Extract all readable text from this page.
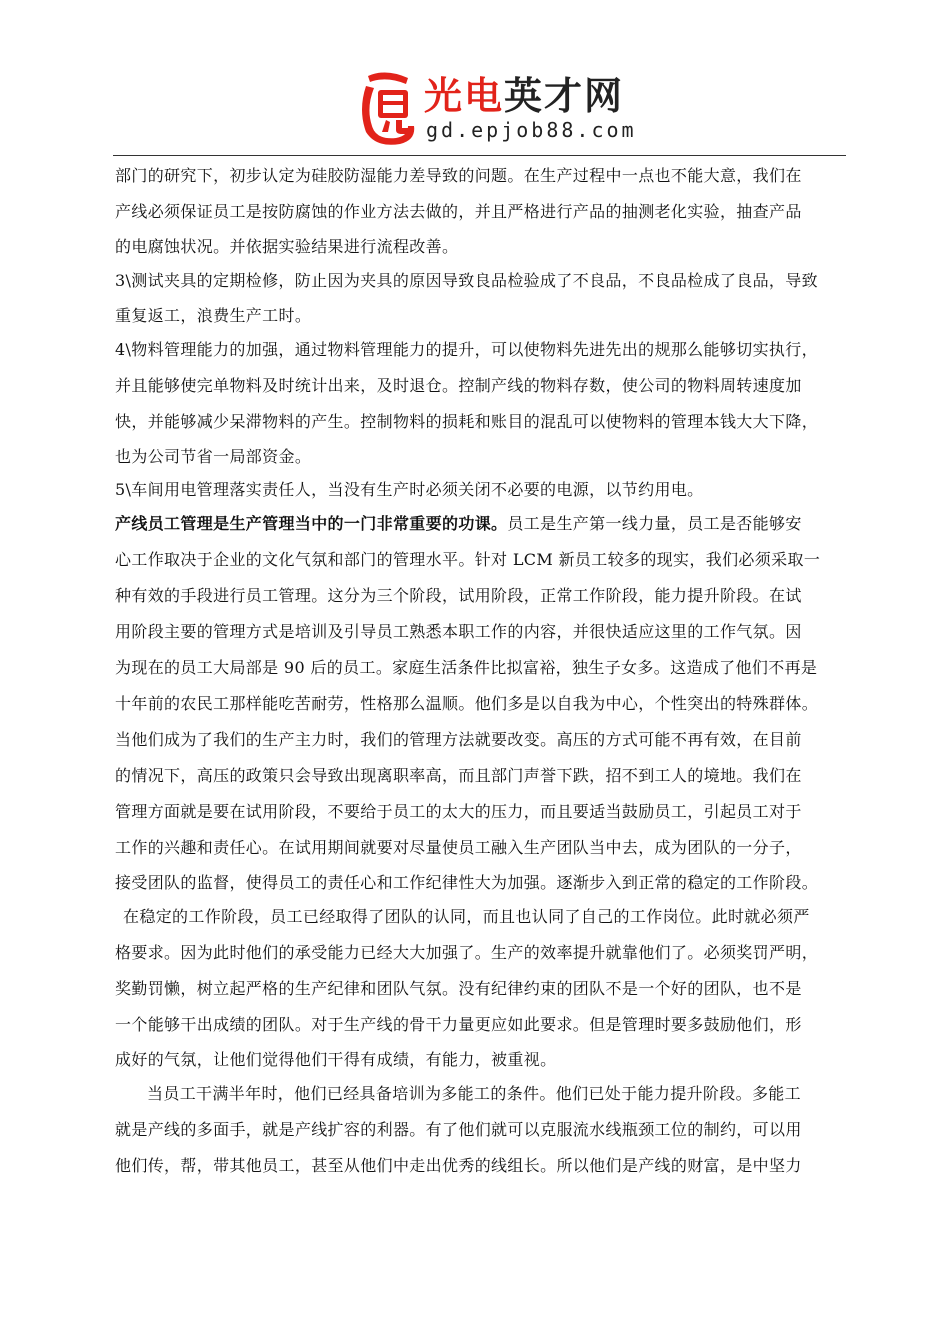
光电英才网
gd.epjob88.com
部门的研究下，初步认定为硅胶防湿能力差导致的问题。在生产过程中一点也不能大意，我们在
产线必须保证员工是按防腐蚀的作业方法去做的，并且严格进行产品的抽测老化实验，抽查产品
的电腐蚀状况。并依据实验结果进行流程改善。
3\测试夹具的定期检修，防止因为夹具的原因导致良品检验成了不良品，不良品检成了良品，导致
重复返工，浪费生产工时。
4\物料管理能力的加强，通过物料管理能力的提升，可以使物料先进先出的规那么能够切实执行，
并且能够使完单物料及时统计出来，及时退仓。控制产线的物料存数，使公司的物料周转速度加
快，并能够减少呆滞物料的产生。控制物料的损耗和账目的混乱可以使物料的管理本钱大大下降，
也为公司节省一局部资金。
5\车间用电管理落实责任人，当没有生产时必须关闭不必要的电源，以节约用电。
产线员工管理是生产管理当中的一门非常重要的功课。员工是生产第一线力量，员工是否能够安
心工作取决于企业的文化气氛和部门的管理水平。针对 LCM 新员工较多的现实，我们必须采取一
种有效的手段进行员工管理。这分为三个阶段，试用阶段，正常工作阶段，能力提升阶段。在试
用阶段主要的管理方式是培训及引导员工熟悉本职工作的内容，并很快适应这里的工作气氛。因
为现在的员工大局部是 90 后的员工。家庭生活条件比拟富裕，独生子女多。这造成了他们不再是
十年前的农民工那样能吃苦耐劳，性格那么温顺。他们多是以自我为中心，个性突出的特殊群体。
当他们成为了我们的生产主力时，我们的管理方法就要改变。高压的方式可能不再有效，在目前
的情况下，高压的政策只会导致出现离职率高，而且部门声誉下跌，招不到工人的境地。我们在
管理方面就是要在试用阶段，不要给于员工的太大的压力，而且要适当鼓励员工，引起员工对于
工作的兴趣和责任心。在试用期间就要对尽量使员工融入生产团队当中去，成为团队的一分子，
接受团队的监督，使得员工的责任心和工作纪律性大为加强。逐渐步入到正常的稳定的工作阶段。
在稳定的工作阶段，员工已经取得了团队的认同，而且也认同了自己的工作岗位。此时就必须严
格要求。因为此时他们的承受能力已经大大加强了。生产的效率提升就靠他们了。必须奖罚严明，
奖勤罚懒，树立起严格的生产纪律和团队气氛。没有纪律约束的团队不是一个好的团队，也不是
一个能够干出成绩的团队。对于生产线的骨干力量更应如此要求。但是管理时要多鼓励他们，形
成好的气氛，让他们觉得他们干得有成绩，有能力，被重视。
当员工干满半年时，他们已经具备培训为多能工的条件。他们已处于能力提升阶段。多能工
就是产线的多面手，就是产线扩容的利器。有了他们就可以克服流水线瓶颈工位的制约，可以用
他们传，帮，带其他员工，甚至从他们中走出优秀的线组长。所以他们是产线的财富，是中坚力
